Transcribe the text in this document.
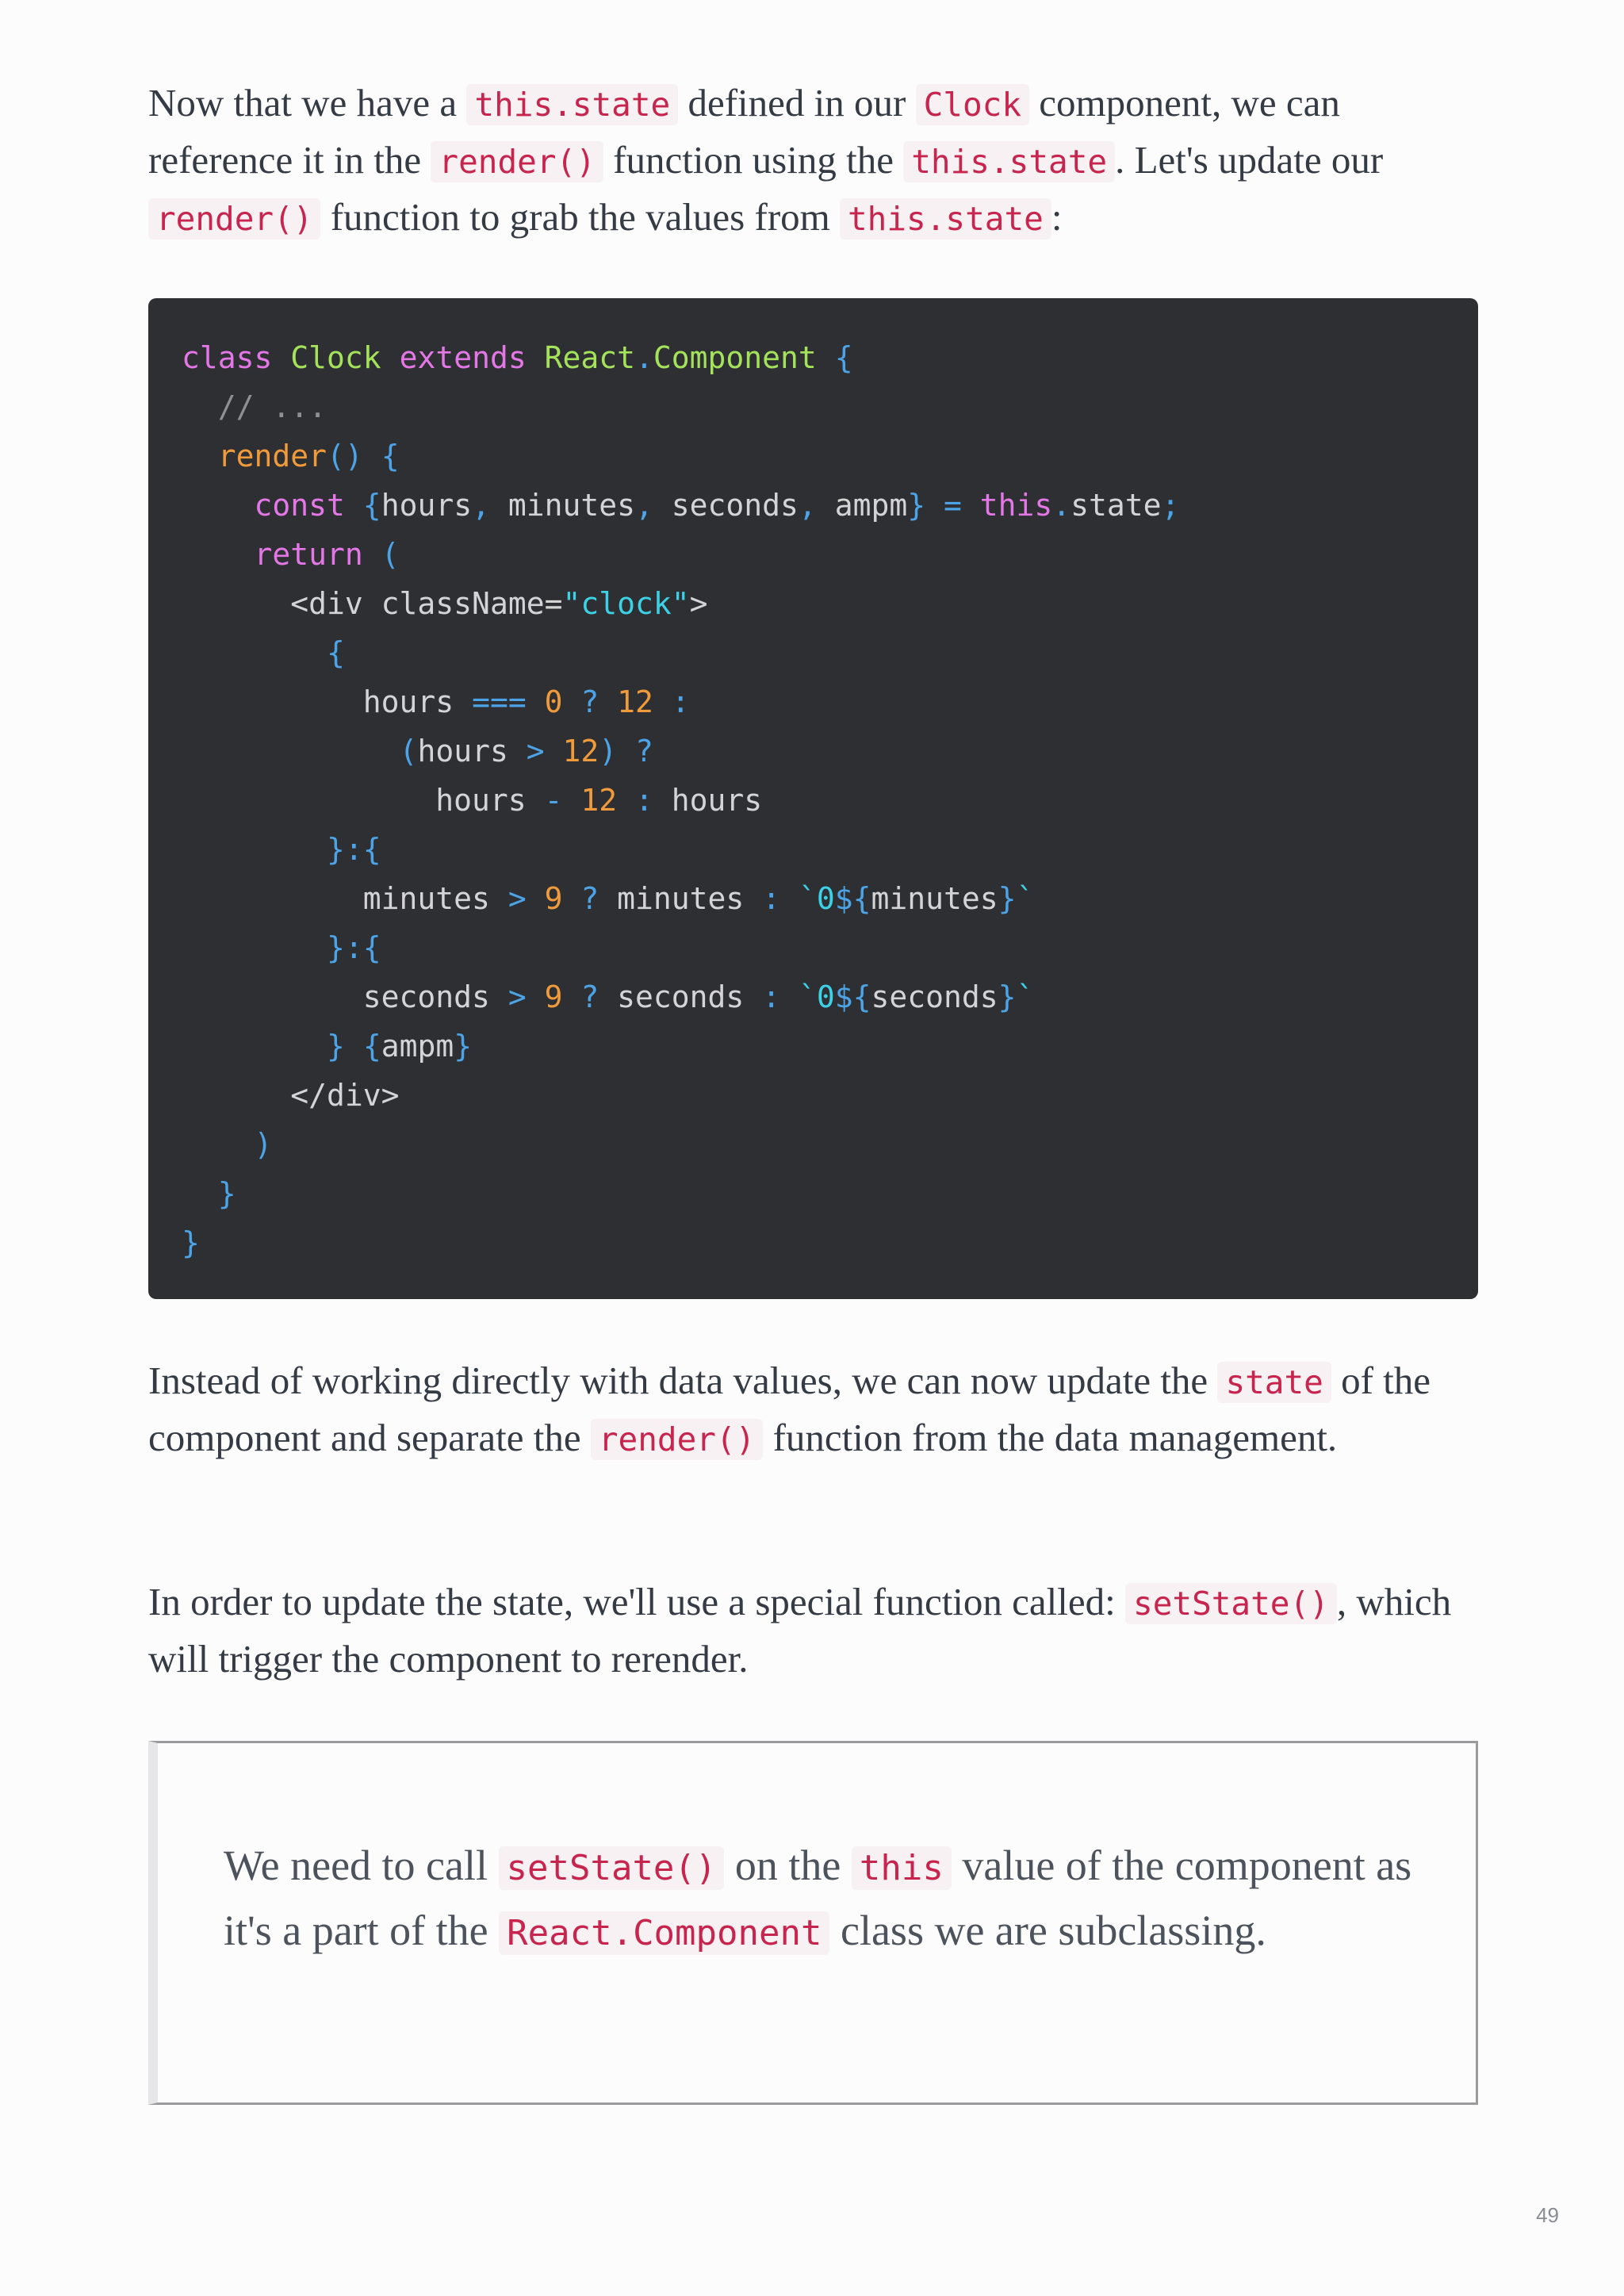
Now that we have a this.state defined in our Clock component, we can reference it in the render() function using the this.state . Let's update our render() function to grab the values from this.state :

class Clock extends React.Component {
// ...
render() {
const {hours, minutes, seconds, ampm} = this.state;
return (
<div className="clock">
{
hours === 0 ? 12 :
(hours > 12) ?
hours - 12 : hours
}:{
minutes > 9 ? minutes : `0${minutes}`
}:{
seconds > 9 ? seconds : `0${seconds}`
} {ampm}
</div>
)
}
}

Instead of working directly with data values, we can now update the state of the component and separate the render() function from the data management.

In order to update the state, we'll use a special function called: setState() , which will trigger the component to rerender.

We need to call setState() on the this value of the component as it's a part of the React.Component class we are subclassing.

49
